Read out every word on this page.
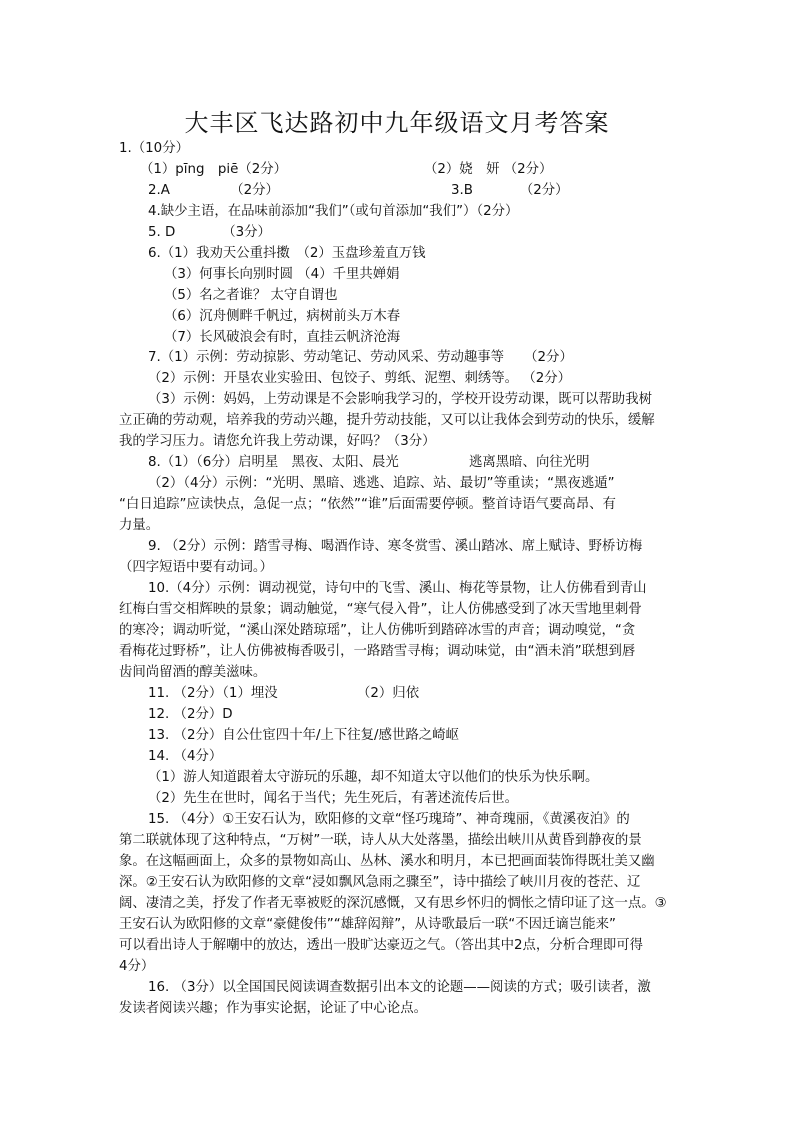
大丰区飞达路初中九年级语文月考答案
1.（10分）
（1）pīng　piē（2分）	（2）娆　妍 （2分）
2.A　　　　　（2分）	3.B　　　　（2分）
4.缺少主语，在品味前添加“我们”（或句首添加“我们”）（2分）
5. D　　　　（3分）
6.（1）我劝天公重抖擞　（2）玉盘珍羞直万钱
（3）何事长向别时圆 （4）千里共婵娟
（5）名之者谁？ 太守自谓也
（6）沉舟侧畔千帆过，病树前头万木春
（7）长风破浪会有时，直挂云帆济沧海
7.（1）示例：劳动掠影、劳动笔记、劳动风采、劳动趣事等　　（2分）
（2）示例：开垦农业实验田、包饺子、剪纸、泥塑、刺绣等。 （2分）
（3）示例：妈妈，上劳动课是不会影响我学习的，学校开设劳动课，既可以帮助我树
立正确的劳动观，培养我的劳动兴趣，提升劳动技能，又可以让我体会到劳动的快乐，缓解
我的学习压力。请您允许我上劳动课，好吗？（3分）
8.（1）（6分）启明星　黑夜、太阳、晨光	逃离黑暗、向往光明
（2）（4分）示例：“光明、黑暗、逃逃、追踪、站、最切”等重读；“黑夜逃遁”
“白日追踪”应读快点，急促一点；“依然”“谁”后面需要停顿。整首诗语气要高昂、有
力量。
9. （2分）示例：踏雪寻梅、喝酒作诗、寒冬赏雪、溪山踏冰、席上赋诗、野桥访梅
（四字短语中要有动词。）
10.（4分）示例：调动视觉，诗句中的飞雪、溪山、梅花等景物，让人仿佛看到青山
红梅白雪交相辉映的景象；调动触觉，“寒气侵入骨”，让人仿佛感受到了冰天雪地里刺骨
的寒冷；调动听觉，“溪山深处踏琼瑶”，让人仿佛听到踏碎冰雪的声音；调动嗅觉，“贪
看梅花过野桥”，让人仿佛被梅香吸引，一路踏雪寻梅；调动味觉，由“酒未消”联想到唇
齿间尚留酒的醇美滋味。
11. （2分）（1）埋没	（2）归依
12. （2分）D
13. （2分）自公仕宦四十年/上下往复/感世路之崎岖
14. （4分）
（1）游人知道跟着太守游玩的乐趣，却不知道太守以他们的快乐为快乐啊。
（2）先生在世时，闻名于当代；先生死后，有著述流传后世。
15. （4分）①王安石认为，欧阳修的文章“怪巧瑰琦”、神奇瑰丽，《黄溪夜泊》的
第二联就体现了这种特点，“万树”一联，诗人从大处落墨，描绘出峡川从黄昏到静夜的景
象。在这幅画面上，众多的景物如高山、丛林、溪水和明月，本已把画面装饰得既壮美又幽
深。②王安石认为欧阳修的文章“浸如飘风急雨之骤至”，诗中描绘了峡川月夜的苍茫、辽
阔、凄清之美，抒发了作者无辜被贬的深沉感慨，又有思乡怀归的惆怅之情印证了这一点。③
王安石认为欧阳修的文章“豪健俊伟”“雄辞闳辩”，从诗歌最后一联“不因迁谪岂能来”
可以看出诗人于解嘲中的放达，透出一股旷达豪迈之气。（答出其中2点，分析合理即可得
4分）
16. （3分）以全国国民阅读调查数据引出本文的论题——阅读的方式；吸引读者，激
发读者阅读兴趣；作为事实论据，论证了中心论点。
